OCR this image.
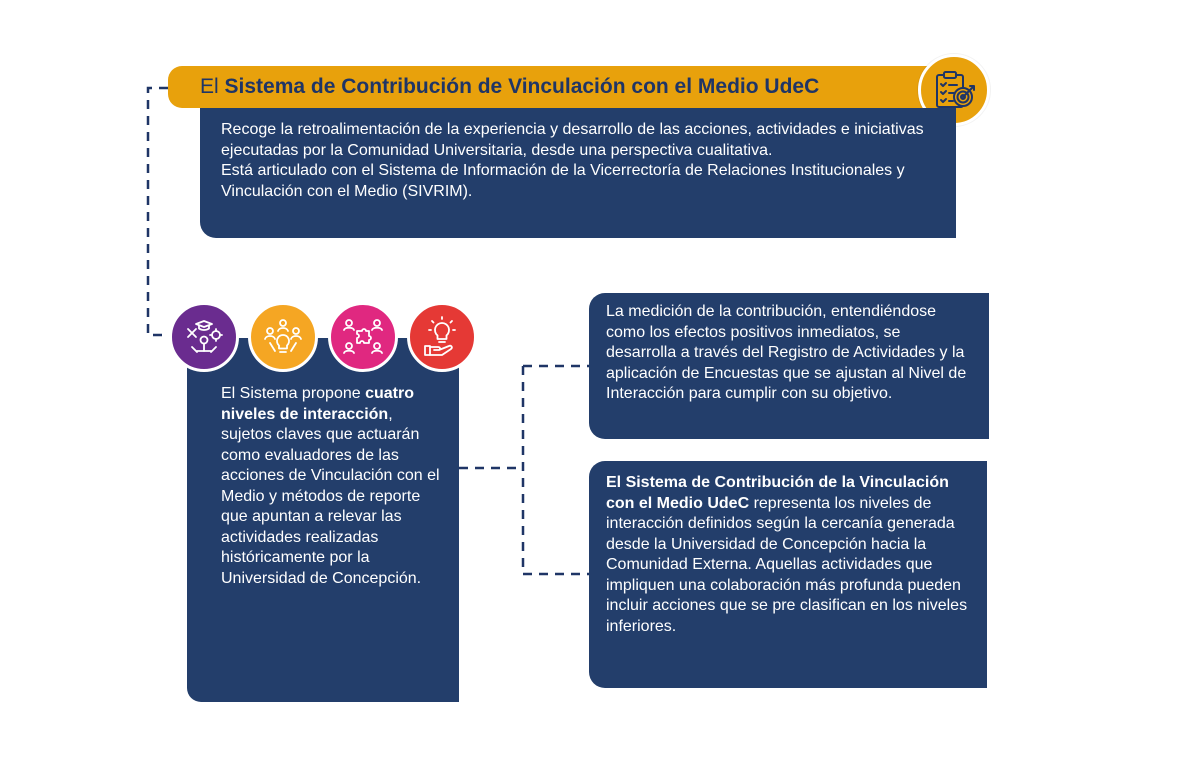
El
Sistema de Contribución de Vinculación con el Medio UdeC

Recoge la retroalimentación de la experiencia y desarrollo de las acciones, actividades e iniciativas ejecutadas por la Comunidad Universitaria, desde una perspectiva cualitativa.

Está articulado con el Sistema de Información de la Vicerrectoría de Relaciones Institucionales y Vinculación con el Medio (SIVRIM).

El Sistema propone cuatro niveles de interacción, sujetos claves que actuarán como evaluadores de las acciones de Vinculación con el Medio y métodos de reporte que apuntan a relevar las actividades realizadas históricamente por la Universidad de Concepción.
La medición de la contribución, entendiéndose como los efectos positivos inmediatos, se desarrolla a través del Registro de Actividades y la aplicación de Encuestas que se ajustan al Nivel de Interacción para cumplir con su objetivo.
El Sistema de Contribución de la Vinculación con el Medio UdeC representa los niveles de interacción definidos según la cercanía generada desde la Universidad de Concepción hacia la Comunidad Externa. Aquellas actividades que impliquen una colaboración más profunda pueden incluir acciones que se pre clasifican en los niveles inferiores.
